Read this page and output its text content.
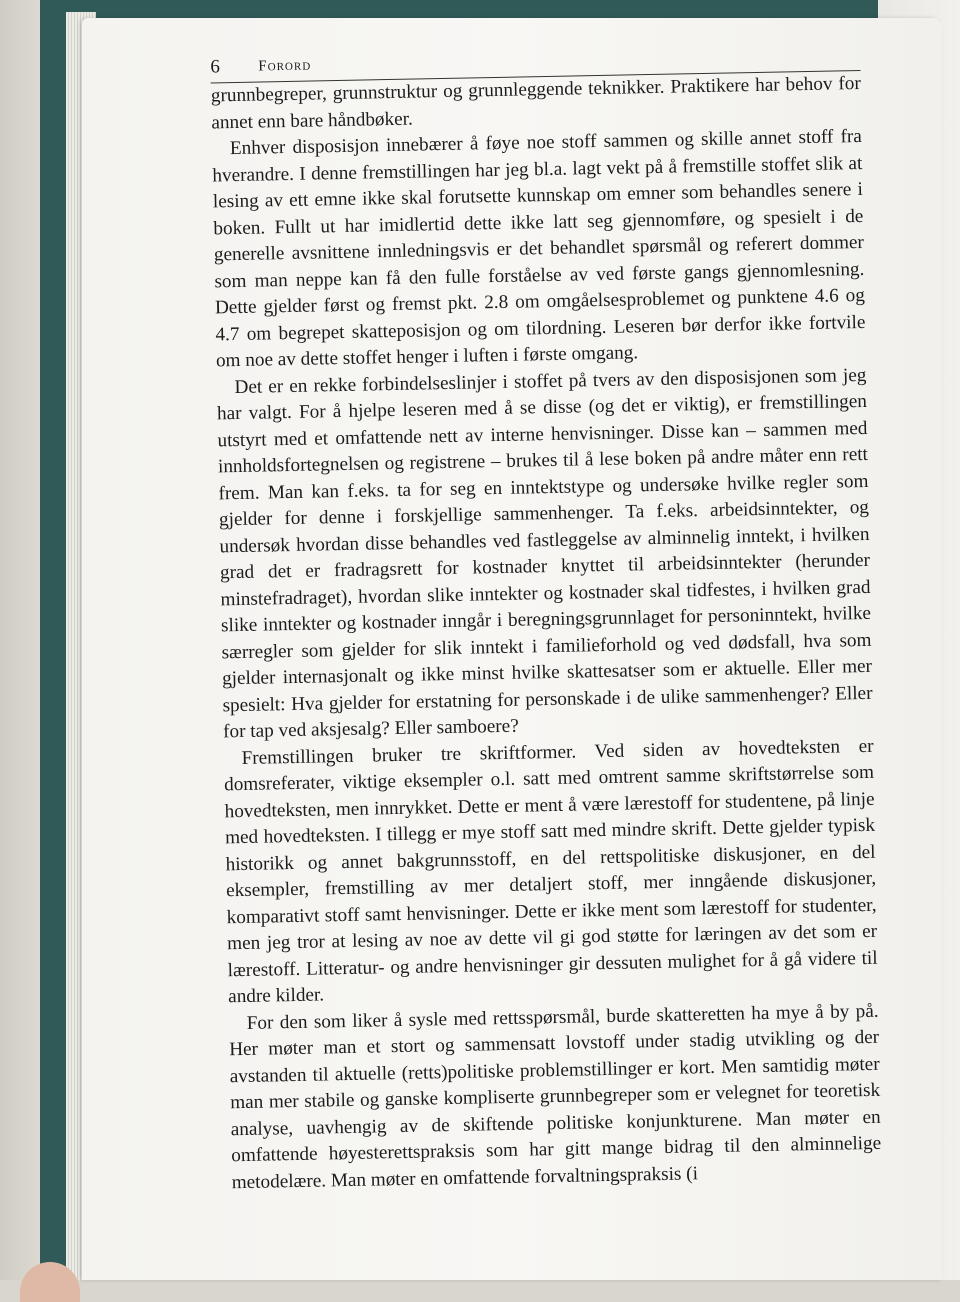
6	Forord

grunnbegreper, grunnstruktur og grunnleggende teknikker. Praktikere har behov for annet enn bare håndbøker.

Enhver disposisjon innebærer å føye noe stoff sammen og skille annet stoff fra hverandre. I denne fremstillingen har jeg bl.a. lagt vekt på å fremstille stoffet slik at lesing av ett emne ikke skal forutsette kunnskap om emner som behandles senere i boken. Fullt ut har imidlertid dette ikke latt seg gjennomføre, og spesielt i de generelle avsnittene innledningsvis er det behandlet spørsmål og referert dommer som man neppe kan få den fulle forståelse av ved første gangs gjennomlesning. Dette gjelder først og fremst pkt. 2.8 om omgåelsesproblemet og punktene 4.6 og 4.7 om begrepet skatteposisjon og om tilordning. Leseren bør derfor ikke fortvile om noe av dette stoffet henger i luften i første omgang.

Det er en rekke forbindelseslinjer i stoffet på tvers av den disposisjonen som jeg har valgt. For å hjelpe leseren med å se disse (og det er viktig), er fremstillingen utstyrt med et omfattende nett av interne henvisninger. Disse kan – sammen med innholdsfortegnelsen og registrene – brukes til å lese boken på andre måter enn rett frem. Man kan f.eks. ta for seg en inntektstype og undersøke hvilke regler som gjelder for denne i forskjellige sammenhenger. Ta f.eks. arbeidsinntekter, og undersøk hvordan disse behandles ved fastleggelse av alminnelig inntekt, i hvilken grad det er fradragsrett for kostnader knyttet til arbeidsinntekter (herunder minstefradraget), hvordan slike inntekter og kostnader skal tidfestes, i hvilken grad slike inntekter og kostnader inngår i beregningsgrunnlaget for personinntekt, hvilke særregler som gjelder for slik inntekt i familieforhold og ved dødsfall, hva som gjelder internasjonalt og ikke minst hvilke skattesatser som er aktuelle. Eller mer spesielt: Hva gjelder for erstatning for personskade i de ulike sammenhenger? Eller for tap ved aksjesalg? Eller samboere?

Fremstillingen bruker tre skriftformer. Ved siden av hovedteksten er domsreferater, viktige eksempler o.l. satt med omtrent samme skriftstørrelse som hovedteksten, men innrykket. Dette er ment å være lærestoff for studentene, på linje med hovedteksten. I tillegg er mye stoff satt med mindre skrift. Dette gjelder typisk historikk og annet bakgrunnsstoff, en del rettspolitiske diskusjoner, en del eksempler, fremstilling av mer detaljert stoff, mer inngående diskusjoner, komparativt stoff samt henvisninger. Dette er ikke ment som lærestoff for studenter, men jeg tror at lesing av noe av dette vil gi god støtte for læringen av det som er lærestoff. Litteratur- og andre henvisninger gir dessuten mulighet for å gå videre til andre kilder.

For den som liker å sysle med rettsspørsmål, burde skatteretten ha mye å by på. Her møter man et stort og sammensatt lovstoff under stadig utvikling og der avstanden til aktuelle (retts)politiske problemstillinger er kort. Men samtidig møter man mer stabile og ganske kompliserte grunnbegreper som er velegnet for teoretisk analyse, uavhengig av de skiftende politiske konjunkturene. Man møter en omfattende høyesterettspraksis som har gitt mange bidrag til den alminnelige metodelære. Man møter en omfattende forvaltningspraksis (i
